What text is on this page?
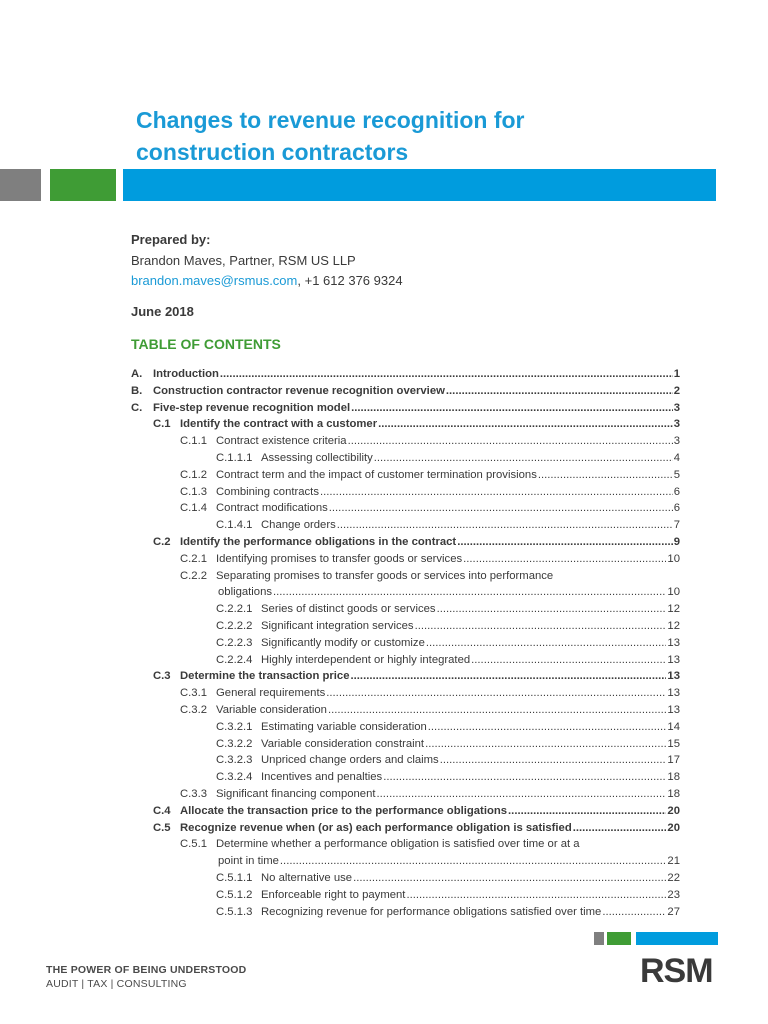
Changes to revenue recognition for
construction contractors
Prepared by:
Brandon Maves, Partner, RSM US LLP
brandon.maves@rsmus.com, +1 612 376 9324
June 2018
TABLE OF CONTENTS
A. Introduction .....	1
B. Construction contractor revenue recognition overview .....	2
C. Five-step revenue recognition model .....	3
C.1 Identify the contract with a customer .....	3
C.1.1 Contract existence criteria .....	3
C.1.1.1 Assessing collectibility .....	4
C.1.2 Contract term and the impact of customer termination provisions .....	5
C.1.3 Combining contracts .....	6
C.1.4 Contract modifications .....	6
C.1.4.1 Change orders .....	7
C.2 Identify the performance obligations in the contract .....	9
C.2.1 Identifying promises to transfer goods or services .....	10
C.2.2 Separating promises to transfer goods or services into performance
obligations .....	10
C.2.2.1 Series of distinct goods or services .....	12
C.2.2.2 Significant integration services .....	12
C.2.2.3 Significantly modify or customize .....	13
C.2.2.4 Highly interdependent or highly integrated .....	13
C.3 Determine the transaction price .....	13
C.3.1 General requirements .....	13
C.3.2 Variable consideration .....	13
C.3.2.1 Estimating variable consideration .....	14
C.3.2.2 Variable consideration constraint .....	15
C.3.2.3 Unpriced change orders and claims .....	17
C.3.2.4 Incentives and penalties .....	18
C.3.3 Significant financing component .....	18
C.4 Allocate the transaction price to the performance obligations .....	20
C.5 Recognize revenue when (or as) each performance obligation is satisfied .....	20
C.5.1 Determine whether a performance obligation is satisfied over time or at a
point in time .....	21
C.5.1.1 No alternative use .....	22
C.5.1.2 Enforceable right to payment .....	23
C.5.1.3 Recognizing revenue for performance obligations satisfied over time .....	27
THE POWER OF BEING UNDERSTOOD
AUDIT | TAX | CONSULTING	RSM
